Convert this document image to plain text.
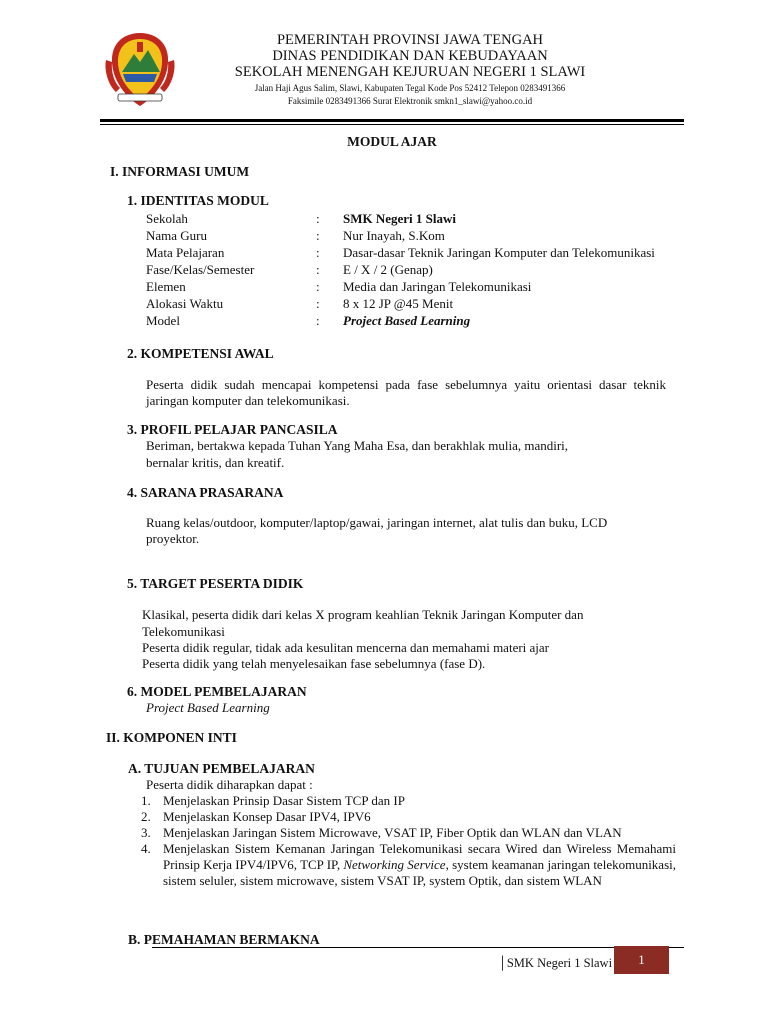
PEMERINTAH PROVINSI JAWA TENGAH
DINAS PENDIDIKAN DAN KEBUDAYAAN
SEKOLAH MENENGAH KEJURUAN NEGERI 1 SLAWI
Jalan Haji Agus Salim, Slawi, Kabupaten Tegal Kode Pos 52412 Telepon 0283491366
Faksimile 0283491366 Surat Elektronik smkn1_slawi@yahoo.co.id
MODUL AJAR
I. INFORMASI UMUM
1. IDENTITAS MODUL
Sekolah	: SMK Negeri 1 Slawi
Nama Guru	: Nur Inayah, S.Kom
Mata Pelajaran	: Dasar-dasar Teknik Jaringan Komputer dan Telekomunikasi
Fase/Kelas/Semester	: E / X / 2 (Genap)
Elemen	: Media dan Jaringan Telekomunikasi
Alokasi Waktu	: 8 x 12 JP @45 Menit
Model	: Project Based Learning
2. KOMPETENSI AWAL
Peserta didik sudah mencapai kompetensi pada fase sebelumnya yaitu orientasi dasar teknik jaringan komputer dan telekomunikasi.
3. PROFIL PELAJAR PANCASILA
Beriman, bertakwa kepada Tuhan Yang Maha Esa, dan berakhlak mulia, mandiri,
bernalar kritis, dan kreatif.
4. SARANA PRASARANA
Ruang kelas/outdoor, komputer/laptop/gawai, jaringan internet, alat tulis dan buku, LCD
proyektor.
5. TARGET PESERTA DIDIK
Klasikal, peserta didik dari kelas X program keahlian Teknik Jaringan Komputer dan
Telekomunikasi
Peserta didik regular, tidak ada kesulitan mencerna dan memahami materi ajar
Peserta didik yang telah menyelesaikan fase sebelumnya (fase D).
6. MODEL PEMBELAJARAN
Project Based Learning
II. KOMPONEN INTI
A. TUJUAN PEMBELAJARAN
Peserta didik diharapkan dapat :
1. Menjelaskan Prinsip Dasar Sistem TCP dan IP
2. Menjelaskan Konsep Dasar IPV4, IPV6
3. Menjelaskan Jaringan Sistem Microwave, VSAT IP, Fiber Optik dan WLAN dan VLAN
4. Menjelaskan Sistem Kemanan Jaringan Telekomunikasi secara Wired dan Wireless Memahami Prinsip Kerja IPV4/IPV6, TCP IP, Networking Service, system keamanan jaringan telekomunikasi, sistem seluler, sistem microwave, sistem VSAT IP, system Optik, dan sistem WLAN
B. PEMAHAMAN BERMAKNA
│SMK Negeri 1 Slawi	1
